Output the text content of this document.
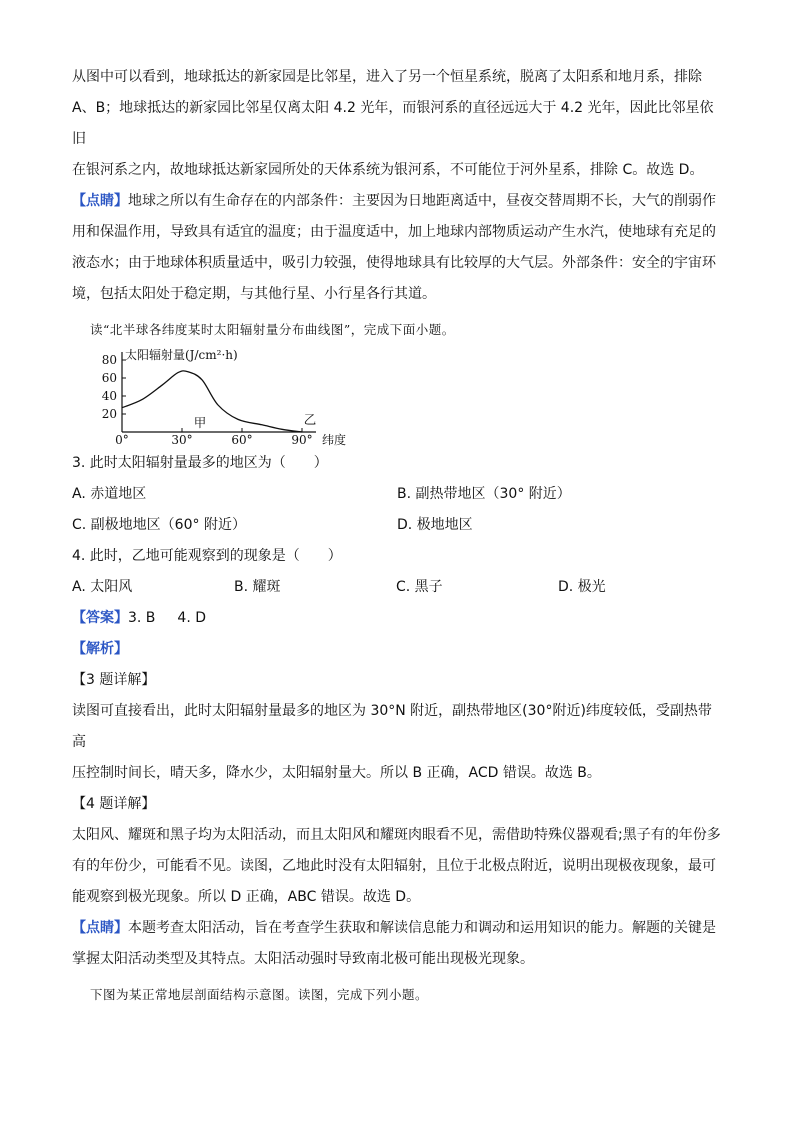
从图中可以看到，地球抵达的新家园是比邻星，进入了另一个恒星系统，脱离了太阳系和地月系，排除

A、B；地球抵达的新家园比邻星仅离太阳 4.2 光年，而银河系的直径远远大于 4.2 光年，因此比邻星依旧

在银河系之内，故地球抵达新家园所处的天体系统为银河系，不可能位于河外星系，排除 C。故选 D。

【点睛】地球之所以有生命存在的内部条件：主要因为日地距离适中，昼夜交替周期不长，大气的削弱作

用和保温作用，导致具有适宜的温度；由于温度适中，加上地球内部物质运动产生水汽，使地球有充足的

液态水；由于地球体积质量适中，吸引力较强，使得地球具有比较厚的大气层。外部条件：安全的宇宙环

境，包括太阳处于稳定期，与其他行星、小行星各行其道。

读“北半球各纬度某时太阳辐射量分布曲线图”，完成下面小题。

20
40
60
80
0°	30°	60°	90°
太阳辐射量(J/cm²·h)
纬度
甲	乙

3. 此时太阳辐射量最多的地区为（　　）

A. 赤道地区	B. 副热带地区（30° 附近）
C. 副极地地区（60° 附近）	D. 极地地区

4. 此时，乙地可能观察到的现象是（　　）

A. 太阳风	B. 耀斑	C. 黑子	D. 极光

【答案】3. B 4. D

【解析】

【3 题详解】

读图可直接看出，此时太阳辐射量最多的地区为 30°N 附近，副热带地区(30°附近)纬度较低，受副热带高

压控制时间长，晴天多，降水少，太阳辐射量大。所以 B 正确，ACD 错误。故选 B。

【4 题详解】

太阳风、耀斑和黑子均为太阳活动，而且太阳风和耀斑肉眼看不见，需借助特殊仪器观看;黑子有的年份多

有的年份少，可能看不见。读图，乙地此时没有太阳辐射，且位于北极点附近，说明出现极夜现象，最可

能观察到极光现象。所以 D 正确，ABC 错误。故选 D。

【点睛】本题考查太阳活动，旨在考查学生获取和解读信息能力和调动和运用知识的能力。解题的关键是

掌握太阳活动类型及其特点。太阳活动强时导致南北极可能出现极光现象。

下图为某正常地层剖面结构示意图。读图，完成下列小题。
